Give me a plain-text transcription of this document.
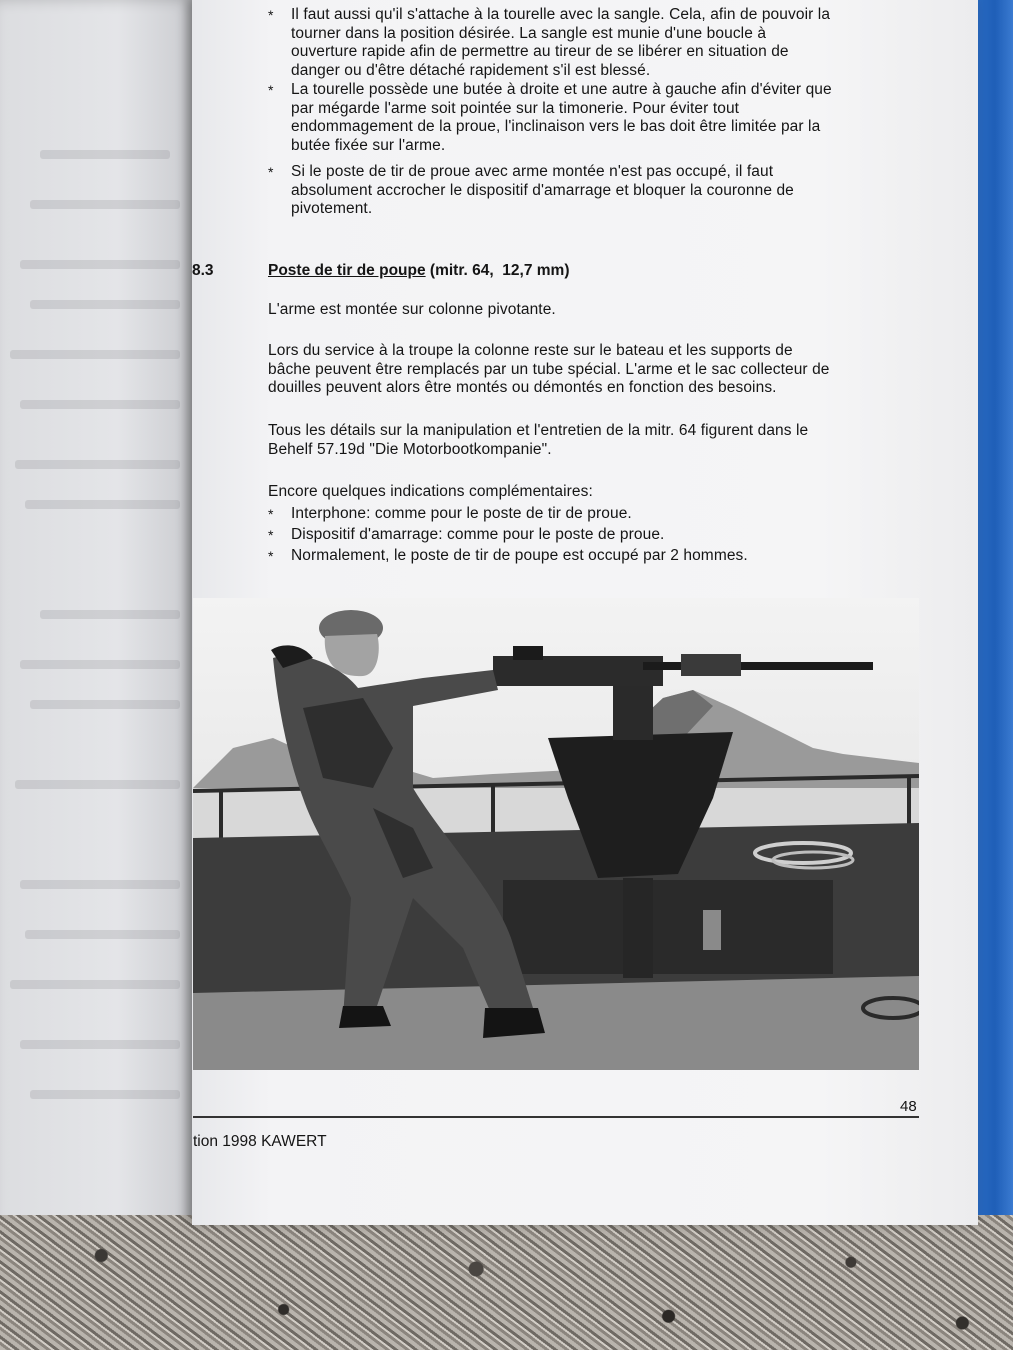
* Il faut aussi qu'il s'attache à la tourelle avec la sangle. Cela, afin de pouvoir la
tourner dans la position désirée. La sangle est munie d'une boucle à
ouverture rapide afin de permettre au tireur de se libérer en situation de
danger ou d'être détaché rapidement s'il est blessé.
* La tourelle possède une butée à droite et une autre à gauche afin d'éviter que
par mégarde l'arme soit pointée sur la timonerie. Pour éviter tout
endommagement de la proue, l'inclinaison vers le bas doit être limitée par la
butée fixée sur l'arme.
* Si le poste de tir de proue avec arme montée n'est pas occupé, il faut
absolument accrocher le dispositif d'amarrage et bloquer la couronne de
pivotement.
8.3	Poste de tir de poupe (mitr. 64,  12,7 mm)
L'arme est montée sur colonne pivotante.
Lors du service à la troupe la colonne reste sur le bateau et les supports de
bâche peuvent être remplacés par un tube spécial. L'arme et le sac collecteur de
douilles peuvent alors être montés ou démontés en fonction des besoins.
Tous les détails sur la manipulation et l'entretien de la mitr. 64 figurent dans le
Behelf 57.19d "Die Motorbootkompanie".
Encore quelques indications complémentaires:
* Interphone: comme pour le poste de tir de proue.
* Dispositif d'amarrage: comme pour le poste de proue.
* Normalement, le poste de tir de poupe est occupé par 2 hommes.
48
tion 1998 KAWERT
